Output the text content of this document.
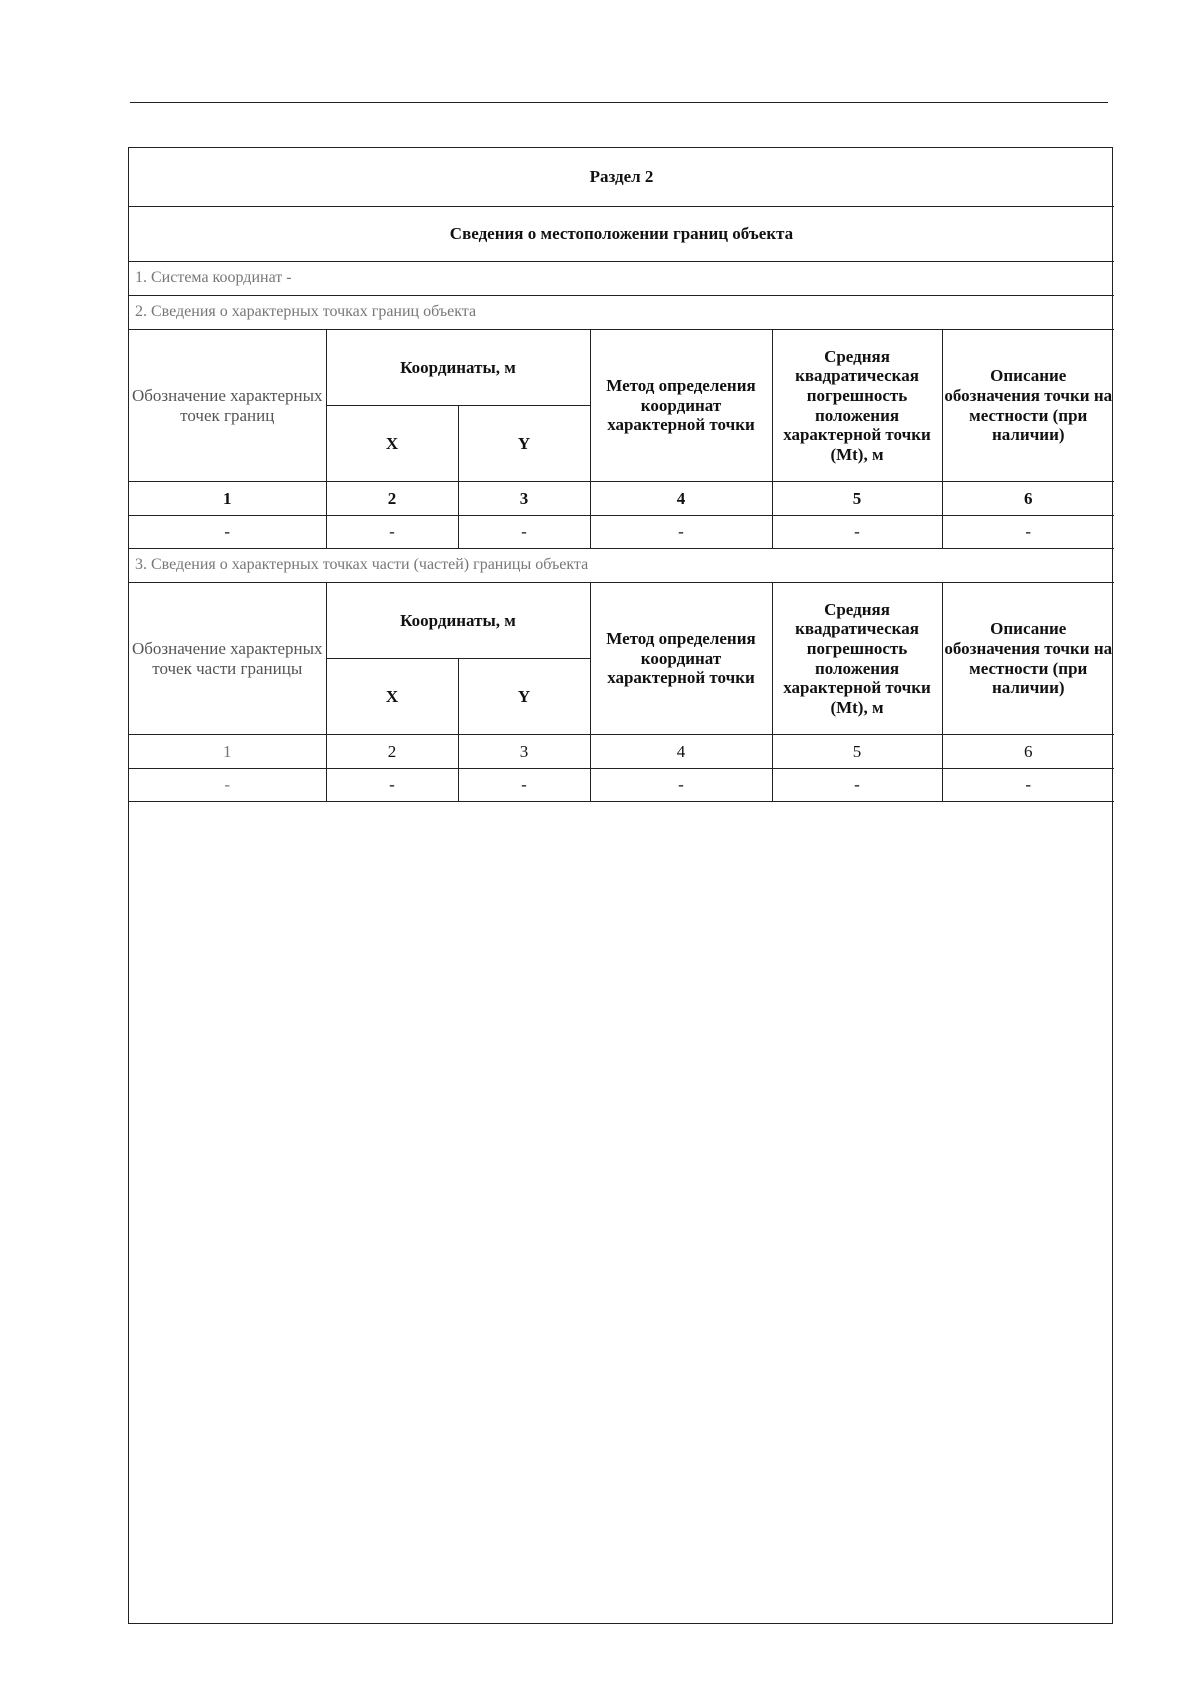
Раздел 2					
Сведения о местоположении границ объекта					
1. Система координат -					
2. Сведения о характерных точках границ объекта					
Обозначение характерных точек границ	Координаты, м		Метод определения координат характерной точки	Средняя квадратическая погрешность положения характерной точки (Mt), м	Описание обозначения точки на местности (при наличии)
	X	Y			
1	2	3	4	5	6
-	-	-	-	-	-
3. Сведения о характерных точках части (частей) границы объекта					
Обозначение характерных точек части границы	Координаты, м		Метод определения координат характерной точки	Средняя квадратическая погрешность положения характерной точки (Mt), м	Описание обозначения точки на местности (при наличии)
	X	Y			
1	2	3	4	5	6
-	-	-	-	-	-
